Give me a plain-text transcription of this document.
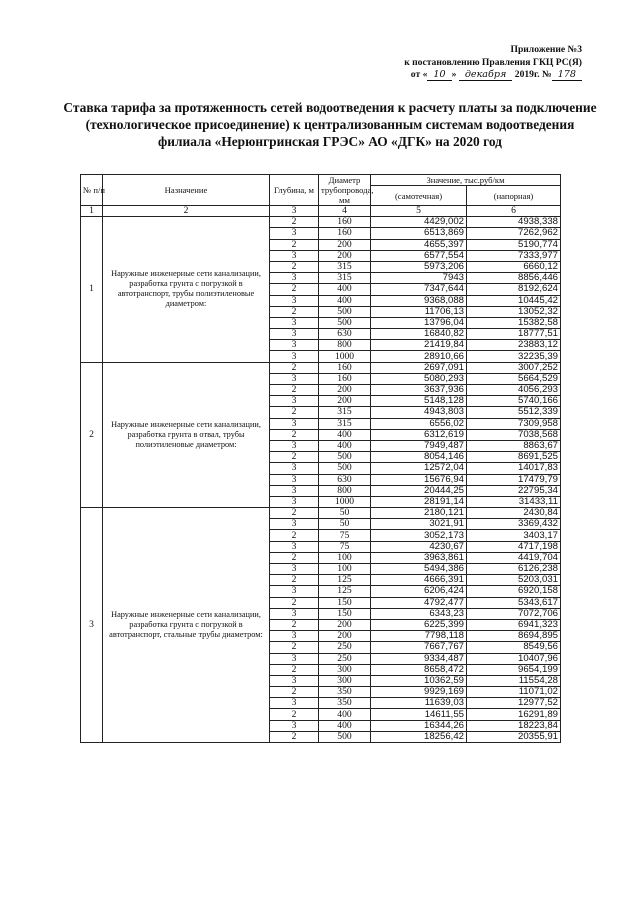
Приложение №3
к постановлению Правления ГКЦ РС(Я)
от « 10 » декабря 2019г. № 178
Ставка тарифа за протяженность сетей водоотведения к расчету платы за подключение (технологическое присоединение) к централизованным системам водоотведения филиала «Нерюнгринская ГРЭС» АО «ДГК» на 2020 год
№ п/п	Назначение	Глубина, м	Диаметр трубопровода, мм	Значение, тыс.руб/км	
				(самотечная)	(напорная)
1	2	3	4	5	6
1	Наружные инженерные сети канализации, разработка грунта с погрузкой в автотранспорт, трубы полиэтиленовые диаметром:	2	160	4429,002	4938,338
		3	160	6513,869	7262,962
		2	200	4655,397	5190,774
		3	200	6577,554	7333,977
		2	315	5973,206	6660,12
		3	315	7943	8856,446
		2	400	7347,644	8192,624
		3	400	9368,088	10445,42
		2	500	11706,13	13052,32
		3	500	13796,04	15382,58
		3	630	16840,82	18777,51
		3	800	21419,84	23883,12
		3	1000	28910,66	32235,39
2	Наружные инженерные сети канализации, разработка грунта в отвал, трубы полиэтиленовые диаметром:	2	160	2697,091	3007,252
		3	160	5080,293	5664,529
		2	200	3637,936	4056,293
		3	200	5148,128	5740,166
		2	315	4943,803	5512,339
		3	315	6556,02	7309,958
		2	400	6312,619	7038,568
		3	400	7949,487	8863,67
		2	500	8054,146	8691,525
		3	500	12572,04	14017,83
		3	630	15676,94	17479,79
		3	800	20444,25	22795,34
		3	1000	28191,14	31433,11
3	Наружные инженерные сети канализации, разработка грунта с погрузкой в автотранспорт, стальные трубы диаметром:	2	50	2180,121	2430,84
		3	50	3021,91	3369,432
		2	75	3052,173	3403,17
		3	75	4230,67	4717,198
		2	100	3963,861	4419,704
		3	100	5494,386	6126,238
		2	125	4666,391	5203,031
		3	125	6206,424	6920,158
		2	150	4792,477	5343,617
		3	150	6343,23	7072,706
		2	200	6225,399	6941,323
		3	200	7798,118	8694,895
		2	250	7667,767	8549,56
		3	250	9334,487	10407,96
		2	300	8658,472	9654,199
		3	300	10362,59	11554,28
		2	350	9929,169	11071,02
		3	350	11639,03	12977,52
		2	400	14611,55	16291,89
		3	400	16344,26	18223,84
		2	500	18256,42	20355,91
